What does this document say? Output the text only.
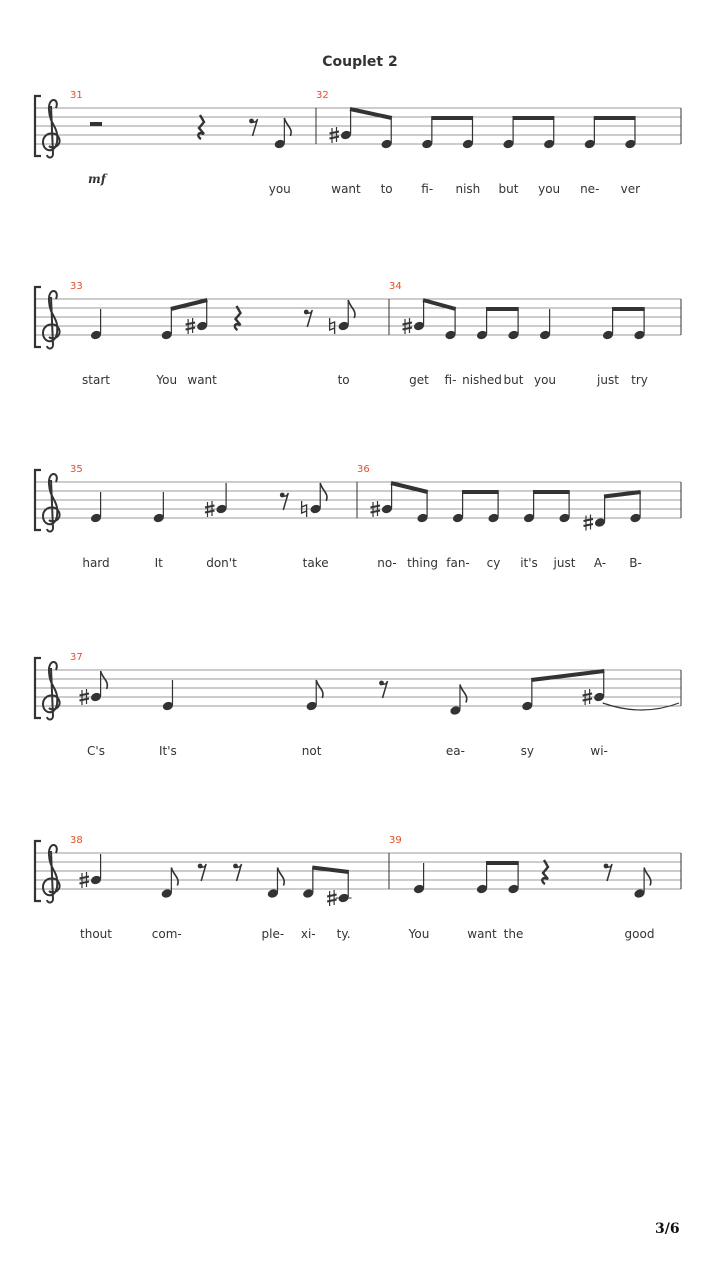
Couplet 2
mf
31
you
32
want to fi- nish but you ne- ver
33
start	You want	to
34
get fi- nished but you	just try
35
hard	It	don't	take
36
no- thing fan- cy it's just A- B-
37
C's	It's	not	ea-	sy	wi-
38
thout	com-	ple- xi- ty.
39
You	want the	good
3/6
